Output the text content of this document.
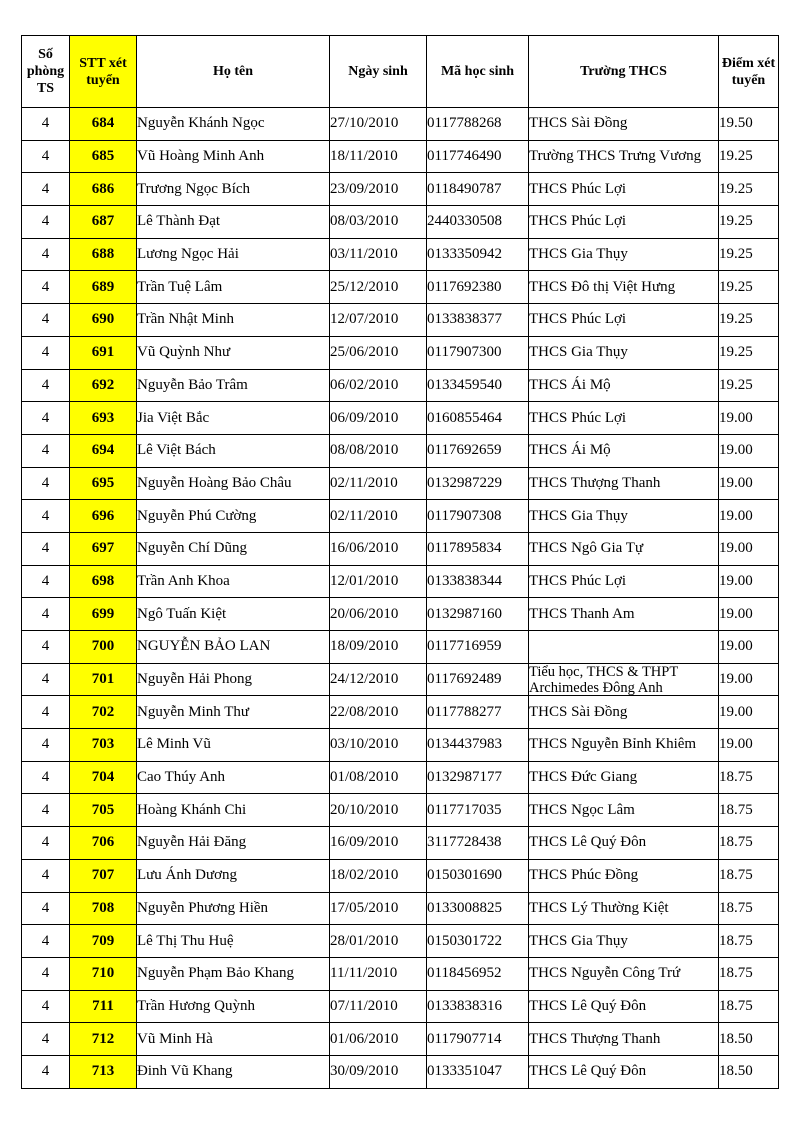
Số phòng TS	STT xét tuyển	Họ tên	Ngày sinh	Mã học sinh	Trường THCS	Điểm xét tuyển
4	684	Nguyễn Khánh Ngọc	27/10/2010	0117788268	THCS Sài Đồng	19.50
4	685	Vũ Hoàng Minh Anh	18/11/2010	0117746490	Trường THCS Trưng Vương	19.25
4	686	Trương Ngọc Bích	23/09/2010	0118490787	THCS Phúc Lợi	19.25
4	687	Lê Thành Đạt	08/03/2010	2440330508	THCS Phúc Lợi	19.25
4	688	Lương Ngọc Hải	03/11/2010	0133350942	THCS Gia Thụy	19.25
4	689	Trần Tuệ Lâm	25/12/2010	0117692380	THCS Đô thị Việt Hưng	19.25
4	690	Trần Nhật Minh	12/07/2010	0133838377	THCS Phúc Lợi	19.25
4	691	Vũ Quỳnh Như	25/06/2010	0117907300	THCS Gia Thụy	19.25
4	692	Nguyễn Bảo Trâm	06/02/2010	0133459540	THCS Ái Mộ	19.25
4	693	Jia Việt Bắc	06/09/2010	0160855464	THCS Phúc Lợi	19.00
4	694	Lê Việt Bách	08/08/2010	0117692659	THCS Ái Mộ	19.00
4	695	Nguyễn Hoàng Bảo Châu	02/11/2010	0132987229	THCS Thượng Thanh	19.00
4	696	Nguyễn Phú Cường	02/11/2010	0117907308	THCS Gia Thụy	19.00
4	697	Nguyễn Chí Dũng	16/06/2010	0117895834	THCS Ngô Gia Tự	19.00
4	698	Trần Anh Khoa	12/01/2010	0133838344	THCS Phúc Lợi	19.00
4	699	Ngô Tuấn Kiệt	20/06/2010	0132987160	THCS Thanh Am	19.00
4	700	NGUYỄN BẢO LAN	18/09/2010	0117716959		19.00
4	701	Nguyễn Hải Phong	24/12/2010	0117692489	Tiểu học, THCS & THPT Archimedes Đông Anh	19.00
4	702	Nguyễn Minh Thư	22/08/2010	0117788277	THCS Sài Đồng	19.00
4	703	Lê Minh Vũ	03/10/2010	0134437983	THCS Nguyễn Bỉnh Khiêm	19.00
4	704	Cao Thúy Anh	01/08/2010	0132987177	THCS Đức Giang	18.75
4	705	Hoàng Khánh Chi	20/10/2010	0117717035	THCS Ngọc Lâm	18.75
4	706	Nguyễn Hải Đăng	16/09/2010	3117728438	THCS Lê Quý Đôn	18.75
4	707	Lưu Ánh Dương	18/02/2010	0150301690	THCS Phúc Đồng	18.75
4	708	Nguyễn Phương Hiền	17/05/2010	0133008825	THCS Lý Thường Kiệt	18.75
4	709	Lê Thị Thu Huệ	28/01/2010	0150301722	THCS Gia Thụy	18.75
4	710	Nguyễn Phạm Bảo Khang	11/11/2010	0118456952	THCS Nguyễn Công Trứ	18.75
4	711	Trần Hương Quỳnh	07/11/2010	0133838316	THCS Lê Quý Đôn	18.75
4	712	Vũ Minh Hà	01/06/2010	0117907714	THCS Thượng Thanh	18.50
4	713	Đinh Vũ Khang	30/09/2010	0133351047	THCS Lê Quý Đôn	18.50
